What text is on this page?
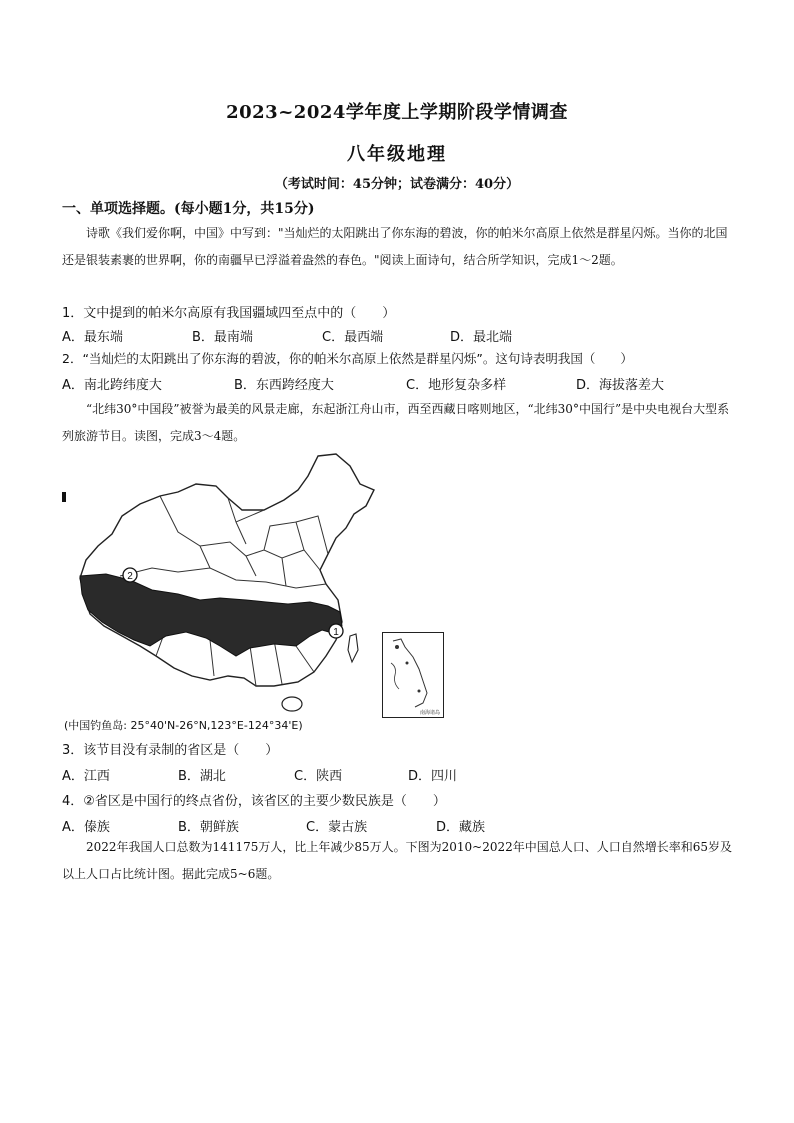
2023~2024学年度上学期阶段学情调查
八年级地理
（考试时间：45分钟；试卷满分：40分）
一、单项选择题。(每小题1分，共15分)
诗歌《我们爱你啊，中国》中写到："当灿烂的太阳跳出了你东海的碧波，你的帕米尔高原上依然是群星闪烁。当你的北国还是银装素裹的世界啊，你的南疆早已浮溢着盎然的春色。"阅读上面诗句，结合所学知识，完成1～2题。
1．文中提到的帕米尔高原有我国疆域四至点中的（　　）
A．最东端	B．最南端	C．最西端	D．最北端
2．“当灿烂的太阳跳出了你东海的碧波，你的帕米尔高原上依然是群星闪烁”。这句诗表明我国（　　）
A．南北跨纬度大	B．东西跨经度大	C．地形复杂多样	D．海拔落差大
“北纬30°中国段”被誉为最美的风景走廊，东起浙江舟山市，西至西藏日喀则地区，“北纬30°中国行”是中央电视台大型系列旅游节目。读图，完成3～4题。
1
2
南海诸岛
(中国钓鱼岛: 25°40'N-26°N,123°E-124°34'E)
3．该节目没有录制的省区是（　　）
A．江西	B．湖北	C．陕西	D．四川
4．②省区是中国行的终点省份，该省区的主要少数民族是（　　）
A．傣族	B．朝鲜族	C．蒙古族	D．藏族
2022年我国人口总数为141175万人，比上年减少85万人。下图为2010~2022年中国总人口、人口自然增长率和65岁及以上人口占比统计图。据此完成5~6题。
